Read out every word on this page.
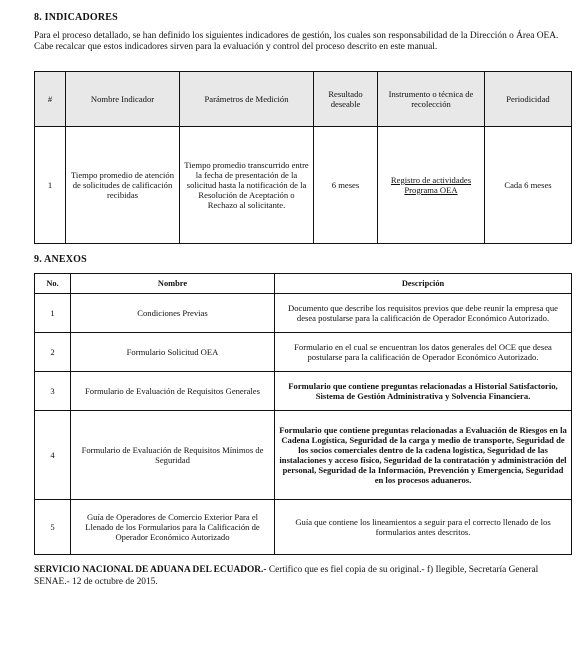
8. INDICADORES

Para el proceso detallado, se han definido los siguientes indicadores de gestión, los cuales son responsabilidad de la Dirección o Área OEA. Cabe recalcar que estos indicadores sirven para la evaluación y control del proceso descrito en este manual.

#	Nombre Indicador	Parámetros de Medición	Resultado deseable	Instrumento o técnica de recolección	Periodicidad
1	Tiempo promedio de atención de solicitudes de calificación recibidas	Tiempo promedio transcurrido entre la fecha de presentación de la solicitud hasta la notificación de la Resolución de Aceptación o Rechazo al solicitante.	6 meses	Registro de actividades Programa OEA	Cada 6 meses
9. ANEXOS
No.	Nombre	Descripción
1	Condiciones Previas	Documento que describe los requisitos previos que debe reunir la empresa que desea postularse para la calificación de Operador Económico Autorizado.
2	Formulario Solicitud OEA	Formulario en el cual se encuentran los datos generales del OCE que desea postularse para la calificación de Operador Económico Autorizado.
3	Formulario de Evaluación de Requisitos Generales	Formulario que contiene preguntas relacionadas a Historial Satisfactorio, Sistema de Gestión Administrativa y Solvencia Financiera.
4	Formulario de Evaluación de Requisitos Mínimos de Seguridad	Formulario que contiene preguntas relacionadas a Evaluación de Riesgos en la Cadena Logística, Seguridad de la carga y medio de transporte, Seguridad de los socios comerciales dentro de la cadena logística, Seguridad de las instalaciones y acceso físico, Seguridad de la contratación y administración del personal, Seguridad de la Información, Prevención y Emergencia, Seguridad en los procesos aduaneros.
5	Guía de Operadores de Comercio Exterior Para el Llenado de los Formularios para la Calificación de Operador Económico Autorizado	Guía que contiene los lineamientos a seguir para el correcto llenado de los formularios antes descritos.
SERVICIO NACIONAL DE ADUANA DEL ECUADOR.- Certifico que es fiel copia de su original.- f) Ilegible, Secretaría General SENAE.- 12 de octubre de 2015.
